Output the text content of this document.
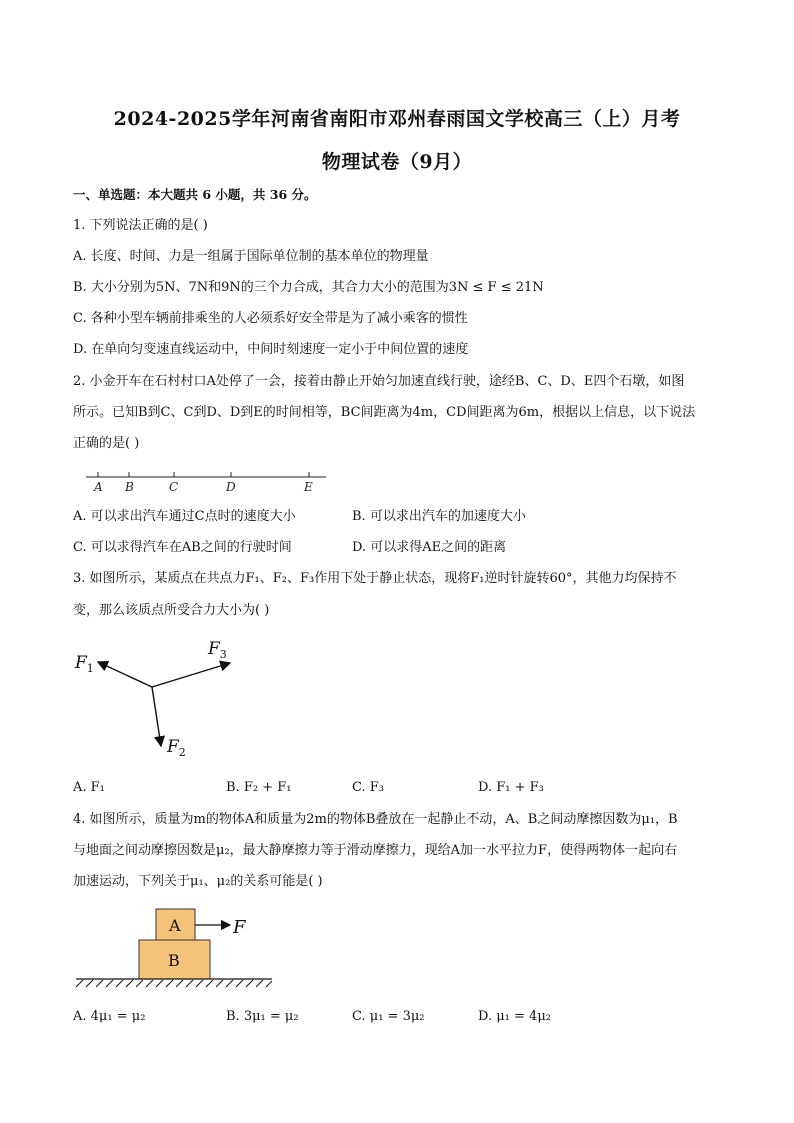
2024-2025学年河南省南阳市邓州春雨国文学校高三（上）月考
物理试卷（9月）
一、单选题：本大题共 6 小题，共 36 分。
1. 下列说法正确的是( )
A. 长度、时间、力是一组属于国际单位制的基本单位的物理量
B. 大小分别为5N、7N和9N的三个力合成，其合力大小的范围为3N ≤ F ≤ 21N
C. 各种小型车辆前排乘坐的人必须系好安全带是为了减小乘客的惯性
D. 在单向匀变速直线运动中，中间时刻速度一定小于中间位置的速度
2. 小金开车在石村村口A处停了一会，接着由静止开始匀加速直线行驶，途经B、C、D、E四个石墩，如图
所示。已知B到C、C到D、D到E的时间相等，BC间距离为4m，CD间距离为6m，根据以上信息，以下说法
正确的是( )
A B	C	D	E
A. 可以求出汽车通过C点时的速度大小	B. 可以求出汽车的加速度大小
C. 可以求得汽车在AB之间的行驶时间	D. 可以求得AE之间的距离
3. 如图所示，某质点在共点力F₁、F₂、F₃作用下处于静止状态，现将F₁逆时针旋转60°，其他力均保持不
变，那么该质点所受合力大小为( )
$F_1$
$F_3$
$F_2$
A. F₁	B. F₂ + F₁	C. F₃	D. F₁ + F₃
4. 如图所示，质量为m的物体A和质量为2m的物体B叠放在一起静止不动，A、B之间动摩擦因数为μ₁，B
与地面之间动摩擦因数是μ₂，最大静摩擦力等于滑动摩擦力，现给A加一水平拉力F，使得两物体一起向右
加速运动，下列关于μ₁、μ₂的关系可能是( )
A
B
F
A. 4μ₁ = μ₂	B. 3μ₁ = μ₂	C. μ₁ = 3μ₂	D. μ₁ = 4μ₂
